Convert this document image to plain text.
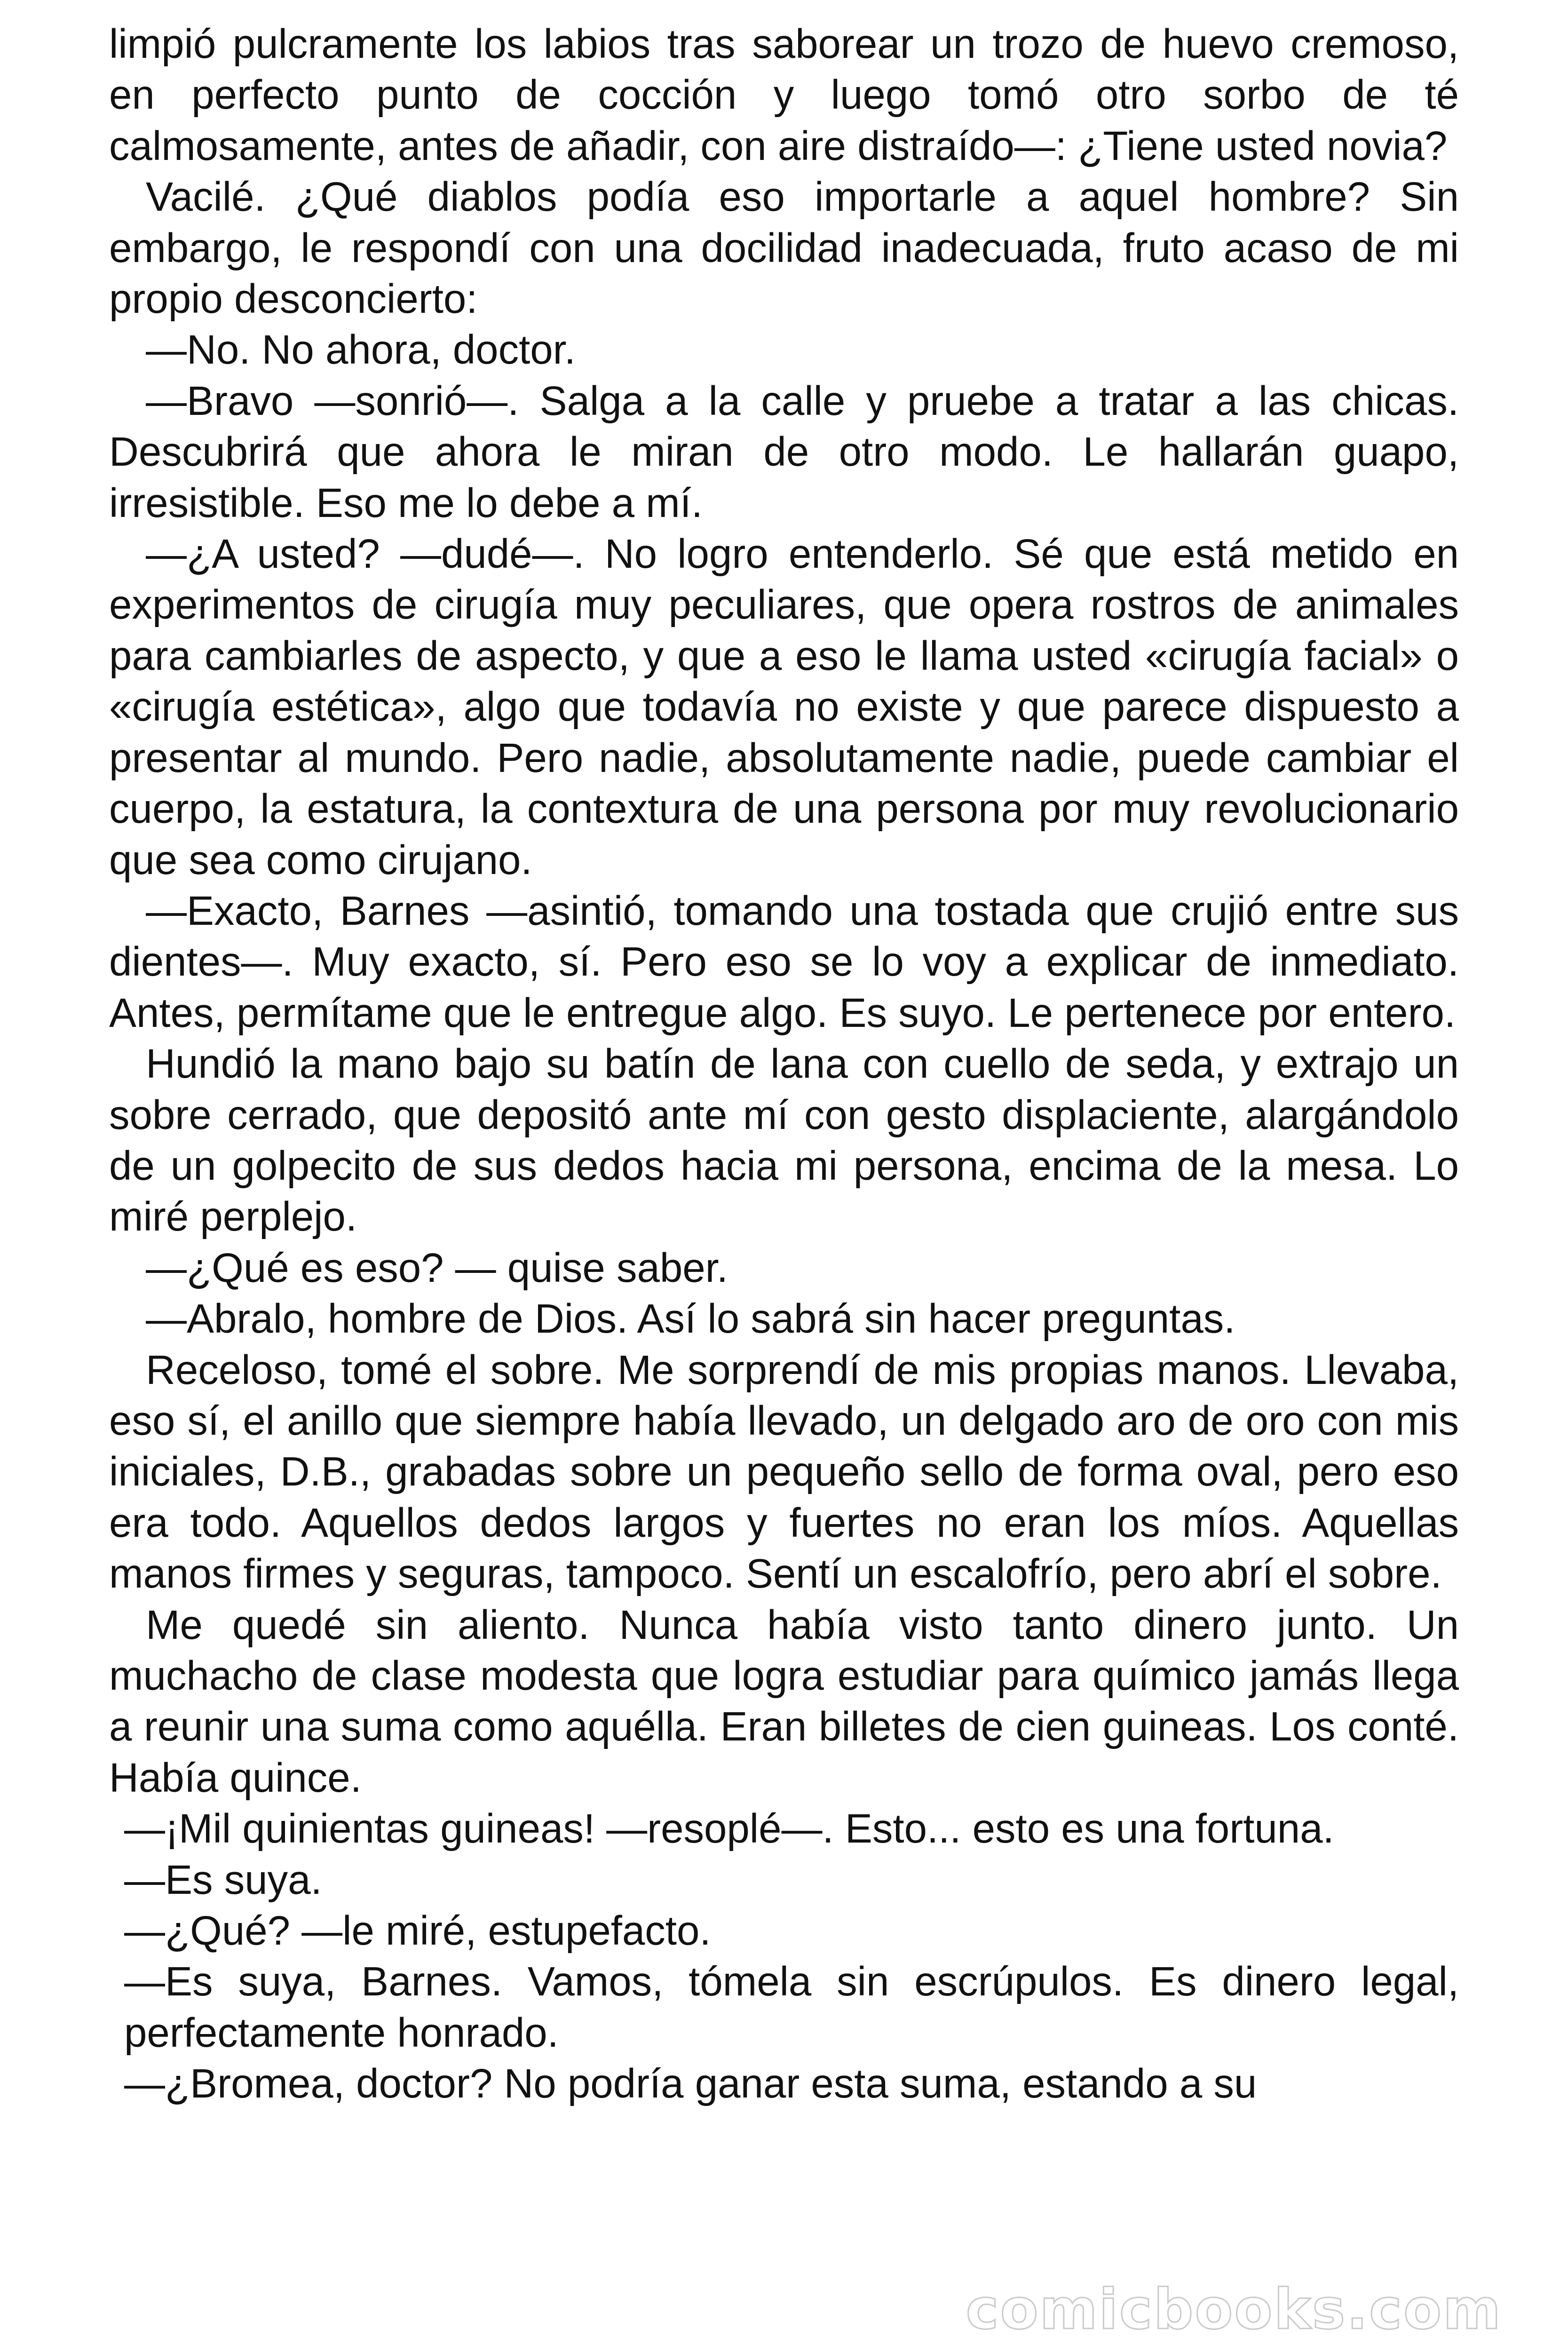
limpió pulcramente los labios tras saborear un trozo de huevo cremoso, en perfecto punto de cocción y luego tomó otro sorbo de té calmosamente, antes de añadir, con aire distraído—: ¿Tiene usted novia?

Vacilé. ¿Qué diablos podía eso importarle a aquel hombre? Sin embargo, le respondí con una docilidad inadecuada, fruto acaso de mi propio desconcierto:

—No. No ahora, doctor.

—Bravo —sonrió—. Salga a la calle y pruebe a tratar a las chicas. Descubrirá que ahora le miran de otro modo. Le hallarán guapo, irresistible. Eso me lo debe a mí.

—¿A usted? —dudé—. No logro entenderlo. Sé que está metido en experimentos de cirugía muy peculiares, que opera rostros de animales para cambiarles de aspecto, y que a eso le llama usted «cirugía facial» o «cirugía estética», algo que todavía no existe y que parece dispuesto a presentar al mundo. Pero nadie, absolutamente nadie, puede cambiar el cuerpo, la estatura, la contextura de una persona por muy revolucionario que sea como cirujano.

—Exacto, Barnes —asintió, tomando una tostada que crujió entre sus dientes—. Muy exacto, sí. Pero eso se lo voy a explicar de inmediato. Antes, permítame que le entregue algo. Es suyo. Le pertenece por entero.

Hundió la mano bajo su batín de lana con cuello de seda, y extrajo un sobre cerrado, que depositó ante mí con gesto displaciente, alargándolo de un golpecito de sus dedos hacia mi persona, encima de la mesa. Lo miré perplejo.

—¿Qué es eso? — quise saber.

—Abralo, hombre de Dios. Así lo sabrá sin hacer preguntas.

Receloso, tomé el sobre. Me sorprendí de mis propias manos. Llevaba, eso sí, el anillo que siempre había llevado, un delgado aro de oro con mis iniciales, D.B., grabadas sobre un pequeño sello de forma oval, pero eso era todo. Aquellos dedos largos y fuertes no eran los míos. Aquellas manos firmes y seguras, tampoco. Sentí un escalofrío, pero abrí el sobre.

Me quedé sin aliento. Nunca había visto tanto dinero junto. Un muchacho de clase modesta que logra estudiar para químico jamás llega a reunir una suma como aquélla. Eran billetes de cien guineas. Los conté. Había quince.

—¡Mil quinientas guineas! —resoplé—. Esto... esto es una fortuna.

—Es suya.

—¿Qué? —le miré, estupefacto.

—Es suya, Barnes. Vamos, tómela sin escrúpulos. Es dinero legal, perfectamente honrado.

—¿Bromea, doctor? No podría ganar esta suma, estando a su

comicbooks.com
